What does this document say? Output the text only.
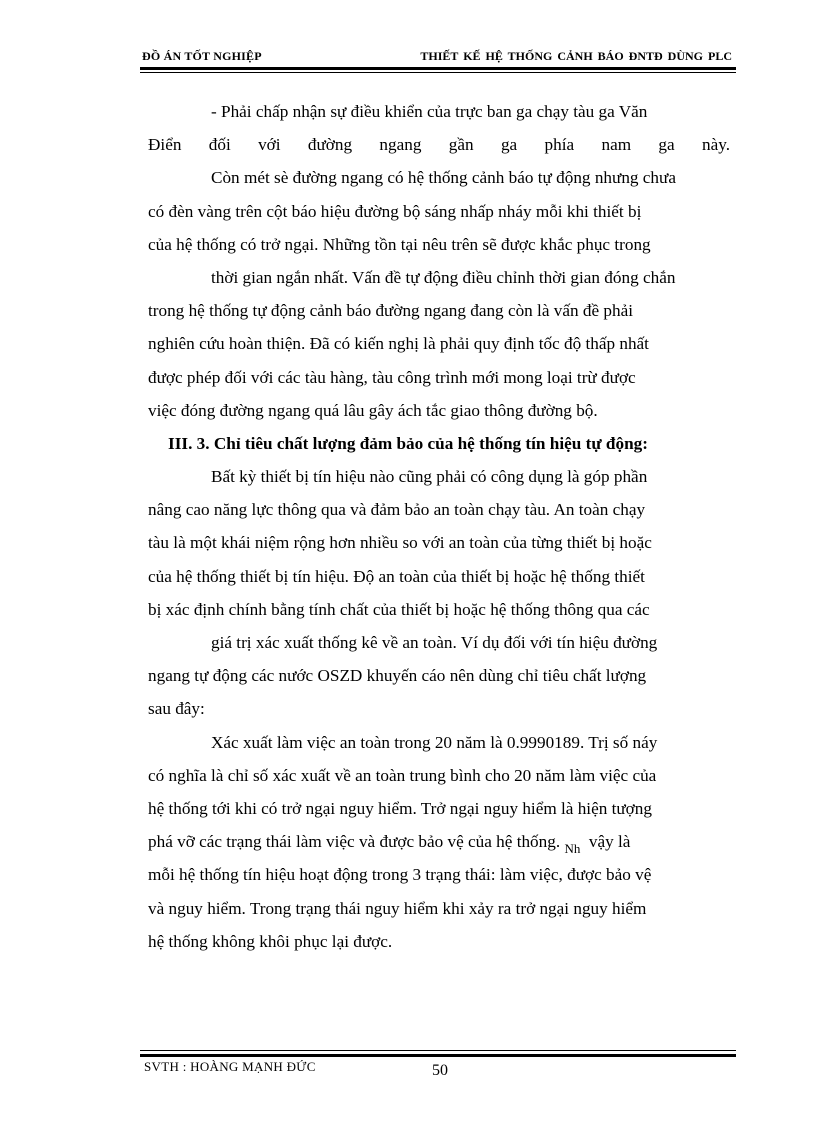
ĐỒ ÁN TỐT NGHIỆP	THIẾT KẾ HỆ THỐNG CẢNH BÁO ĐNTĐ DÙNG PLC
- Phải chấp nhận sự điều khiển của trực ban ga chạy tàu ga Văn
Điển đối với đường ngang gần ga phía nam ga này.
Còn mét sè đường ngang có hệ thống cảnh báo tự động nhưng chưa
có đèn vàng trên cột báo hiệu đường bộ sáng nhấp nháy mỗi khi thiết bị
của hệ thống có trở ngại. Những tồn tại nêu trên sẽ được khắc phục trong
thời gian ngắn nhất. Vấn đề tự động điều chỉnh thời gian đóng chắn
trong hệ thống tự động cảnh báo đường ngang đang còn là vấn đề phải
nghiên cứu hoàn thiện. Đã có kiến nghị là phải quy định tốc độ thấp nhất
được phép đối với các tàu hàng, tàu công trình mới mong loại trừ được
việc đóng đường ngang quá lâu gây ách tắc giao thông đường bộ.
III. 3. Chỉ tiêu chất lượng đảm bảo của hệ thống tín hiệu tự động:
Bất kỳ thiết bị tín hiệu nào cũng phải có công dụng là góp phần
nâng cao năng lực thông qua và đảm bảo an toàn chạy tàu. An toàn chạy
tàu là một khái niệm rộng hơn nhiều so với an toàn của từng thiết bị hoặc
của hệ thống thiết bị tín hiệu. Độ an toàn của thiết bị hoặc hệ thống thiết
bị xác định chính bằng tính chất của thiết bị hoặc hệ thống thông qua các
giá trị xác xuất thống kê về an toàn. Ví dụ đối với tín hiệu đường
ngang tự động các nước OSZD khuyến cáo nên dùng chỉ tiêu chất lượng
sau đây:
Xác xuất làm việc an toàn trong 20 năm là 0.9990189. Trị số náy
có nghĩa là chỉ số xác xuất về an toàn trung bình cho 20 năm làm việc của
hệ thống tới khi có trở ngại nguy hiểm. Trở ngại nguy hiểm là hiện tượng
phá vỡ các trạng thái làm việc và được bảo vệ của hệ thống. $_{Nh}$ vậy là
mỗi hệ thống tín hiệu hoạt động trong 3 trạng thái: làm việc, được bảo vệ
và nguy hiểm. Trong trạng thái nguy hiểm khi xảy ra trở ngại nguy hiểm
hệ thống không khôi phục lại được.
SVTH : HOÀNG MẠNH ĐỨC	50
